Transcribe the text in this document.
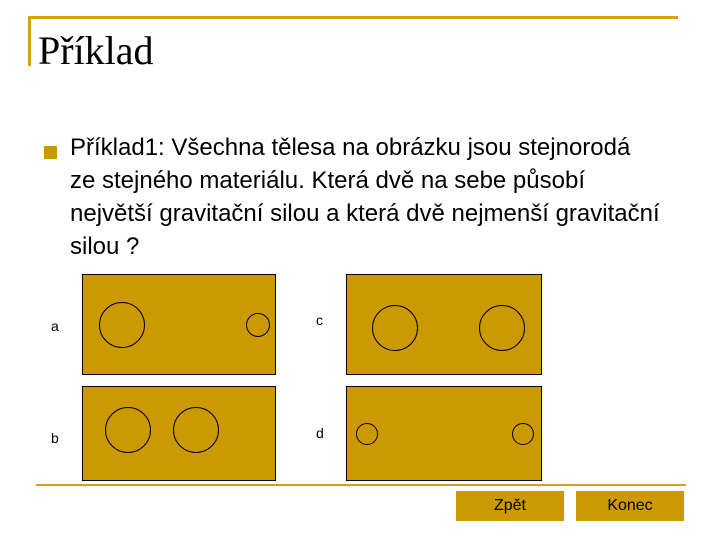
Příklad
Příklad1: Všechna tělesa na obrázku jsou stejnorodá ze stejného materiálu. Která dvě na sebe působí největší gravitační silou a která dvě nejmenší gravitační silou ?
a
b
c
d
Zpět	Konec
